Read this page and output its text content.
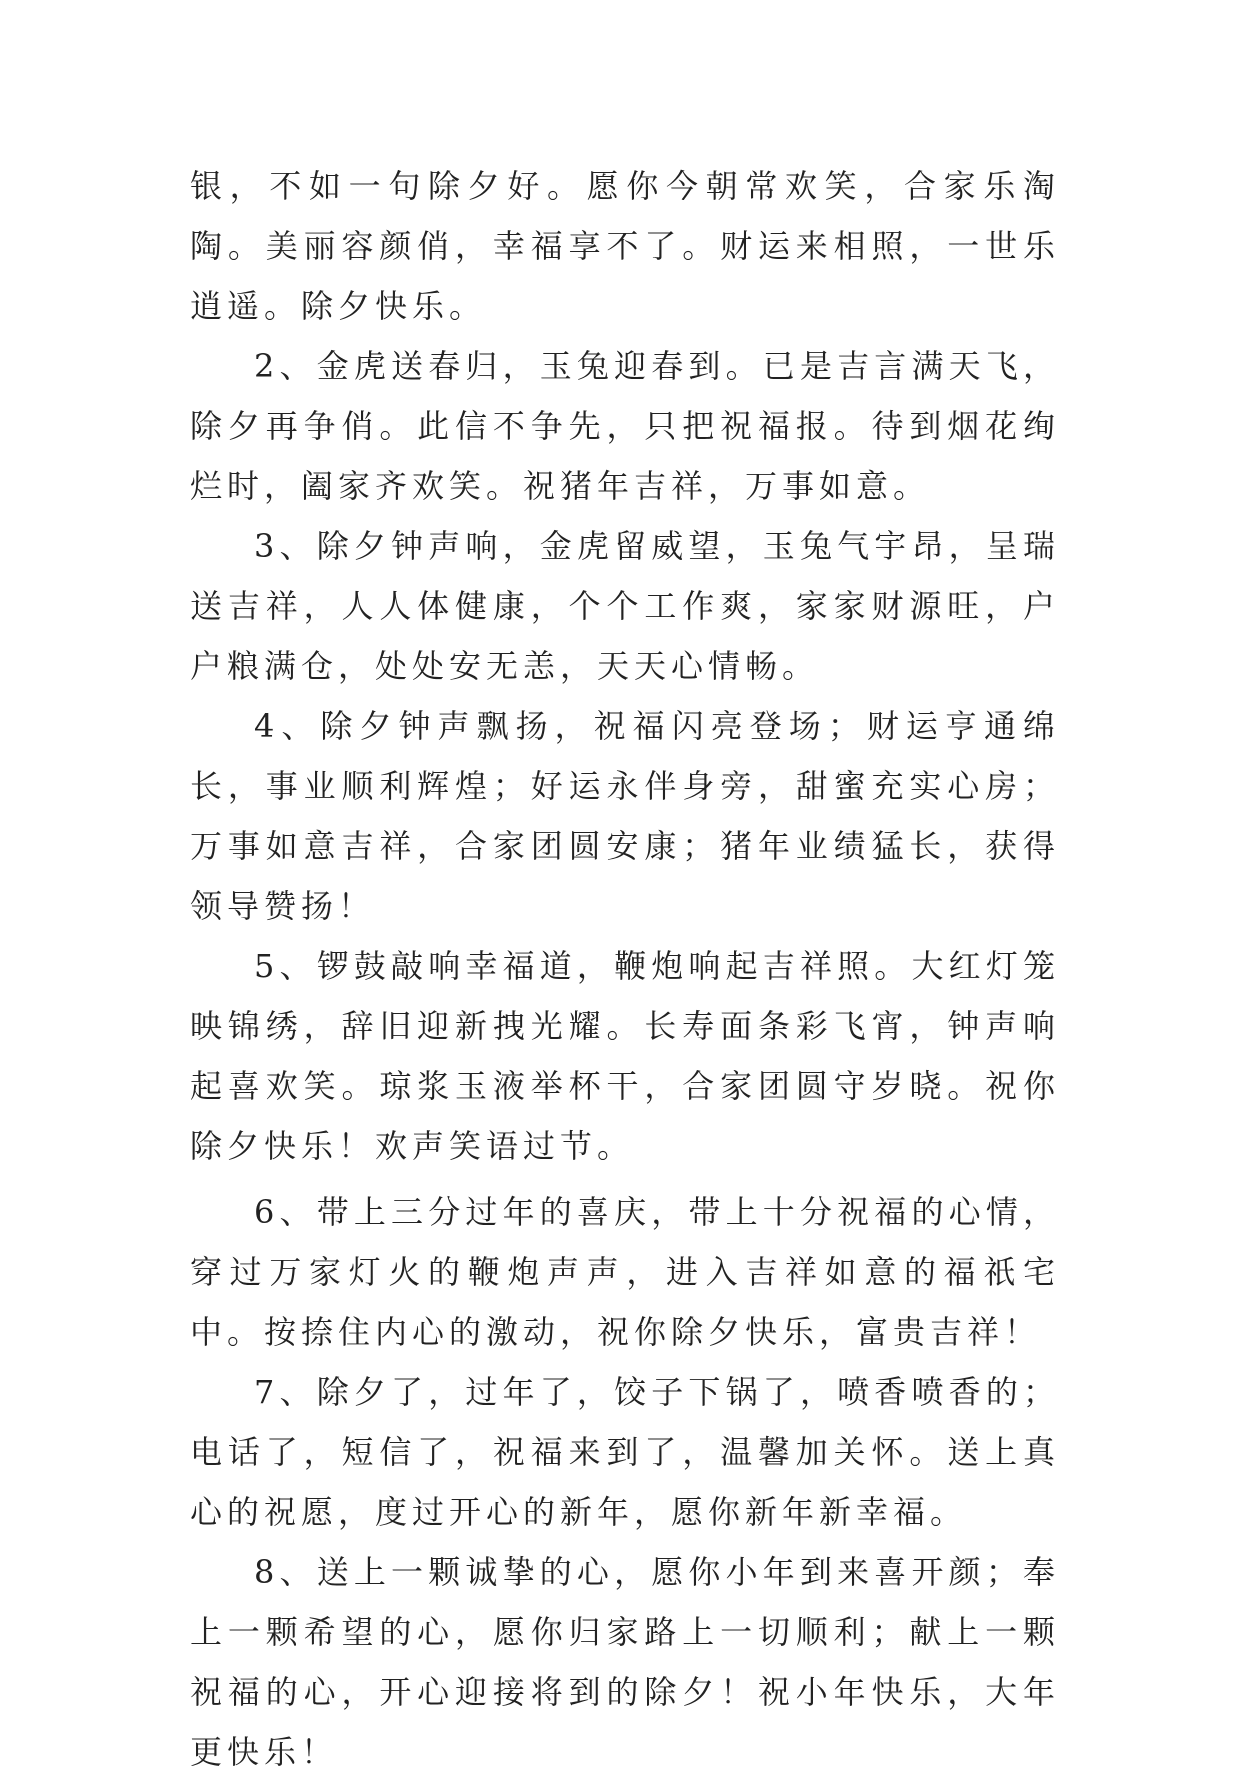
银，不如一句除夕好。愿你今朝常欢笑，合家乐淘陶。美丽容颜俏，幸福享不了。财运来相照，一世乐逍遥。除夕快乐。

2、金虎送春归，玉兔迎春到。已是吉言满天飞，除夕再争俏。此信不争先，只把祝福报。待到烟花绚烂时，阖家齐欢笑。祝猪年吉祥，万事如意。

3、除夕钟声响，金虎留威望，玉兔气宇昂，呈瑞送吉祥，人人体健康，个个工作爽，家家财源旺，户户粮满仓，处处安无恙，天天心情畅。

4、除夕钟声飘扬，祝福闪亮登场；财运亨通绵长，事业顺利辉煌；好运永伴身旁，甜蜜充实心房；万事如意吉祥，合家团圆安康；猪年业绩猛长，获得领导赞扬！

5、锣鼓敲响幸福道，鞭炮响起吉祥照。大红灯笼映锦绣，辞旧迎新拽光耀。长寿面条彩飞宵，钟声响起喜欢笑。琼浆玉液举杯干，合家团圆守岁晓。祝你除夕快乐！欢声笑语过节。

6、带上三分过年的喜庆，带上十分祝福的心情，穿过万家灯火的鞭炮声声，进入吉祥如意的福祇宅中。按捺住内心的激动，祝你除夕快乐，富贵吉祥！

7、除夕了，过年了，饺子下锅了，喷香喷香的；电话了，短信了，祝福来到了，温馨加关怀。送上真心的祝愿，度过开心的新年，愿你新年新幸福。

8、送上一颗诚挚的心，愿你小年到来喜开颜；奉上一颗希望的心，愿你归家路上一切顺利；献上一颗祝福的心，开心迎接将到的除夕！祝小年快乐，大年更快乐！
